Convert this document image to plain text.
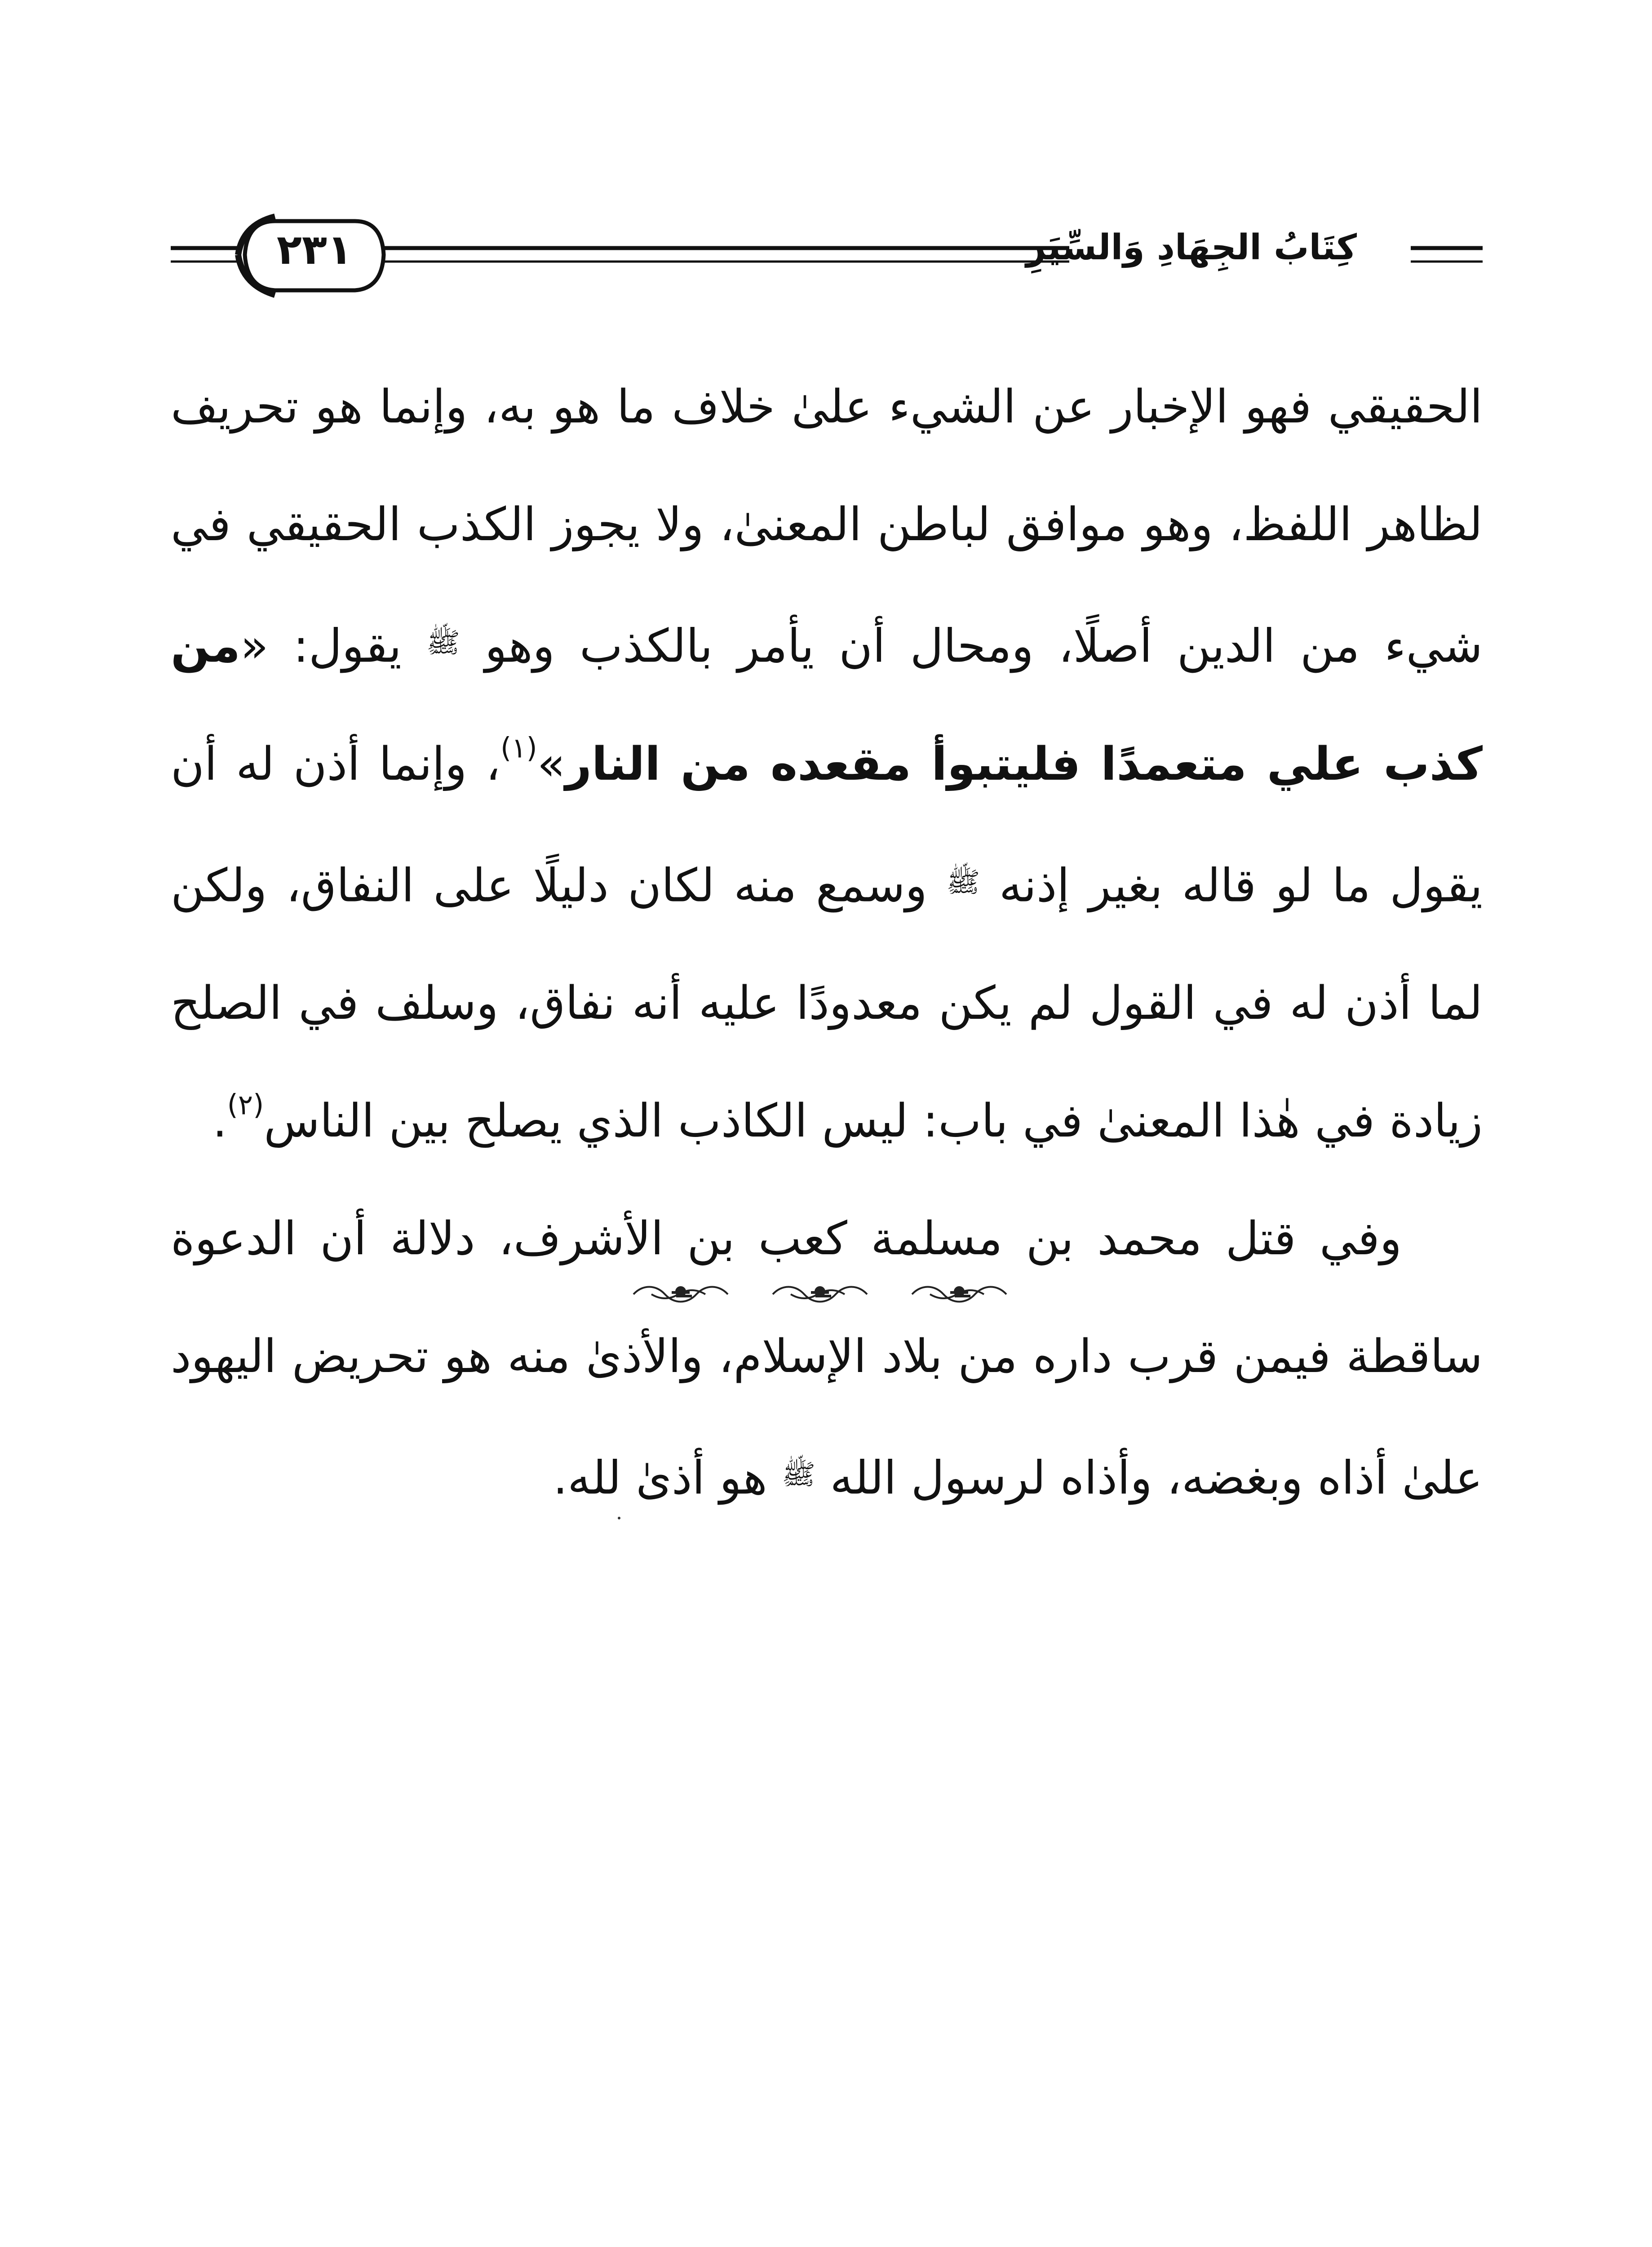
٢٣١	كِتَابُ الجِهَادِ وَالسِّيَرِ

الحقيقي فهو الإخبار عن الشيء علىٰ خلاف ما هو به، وإنما هو تحريف لظاهر اللفظ، وهو موافق لباطن المعنىٰ، ولا يجوز الكذب الحقيقي في شيء من الدين أصلًا، ومحال أن يأمر بالكذب وهو $^ﷺ$ يقول: «من كذب علي متعمدًا فليتبوأ مقعده من النار»$^{(١)}$، وإنما أذن له أن يقول ما لو قاله بغير إذنه $^ﷺ$ وسمع منه لكان دليلًا على النفاق، ولكن لما أذن له في القول لم يكن معدودًا عليه أنه نفاق، وسلف في الصلح زيادة في هٰذا المعنىٰ في باب: ليس الكاذب الذي يصلح بين الناس$^{(٢)}$.

وفي قتل محمد بن مسلمة كعب بن الأشرف، دلالة أن الدعوة ساقطة فيمن قرب داره من بلاد الإسلام، والأذىٰ منه هو تحريض اليهود علىٰ أذاه وبغضه، وأذاه لرسول الله $^ﷺ$ هو أذىٰ لله.
